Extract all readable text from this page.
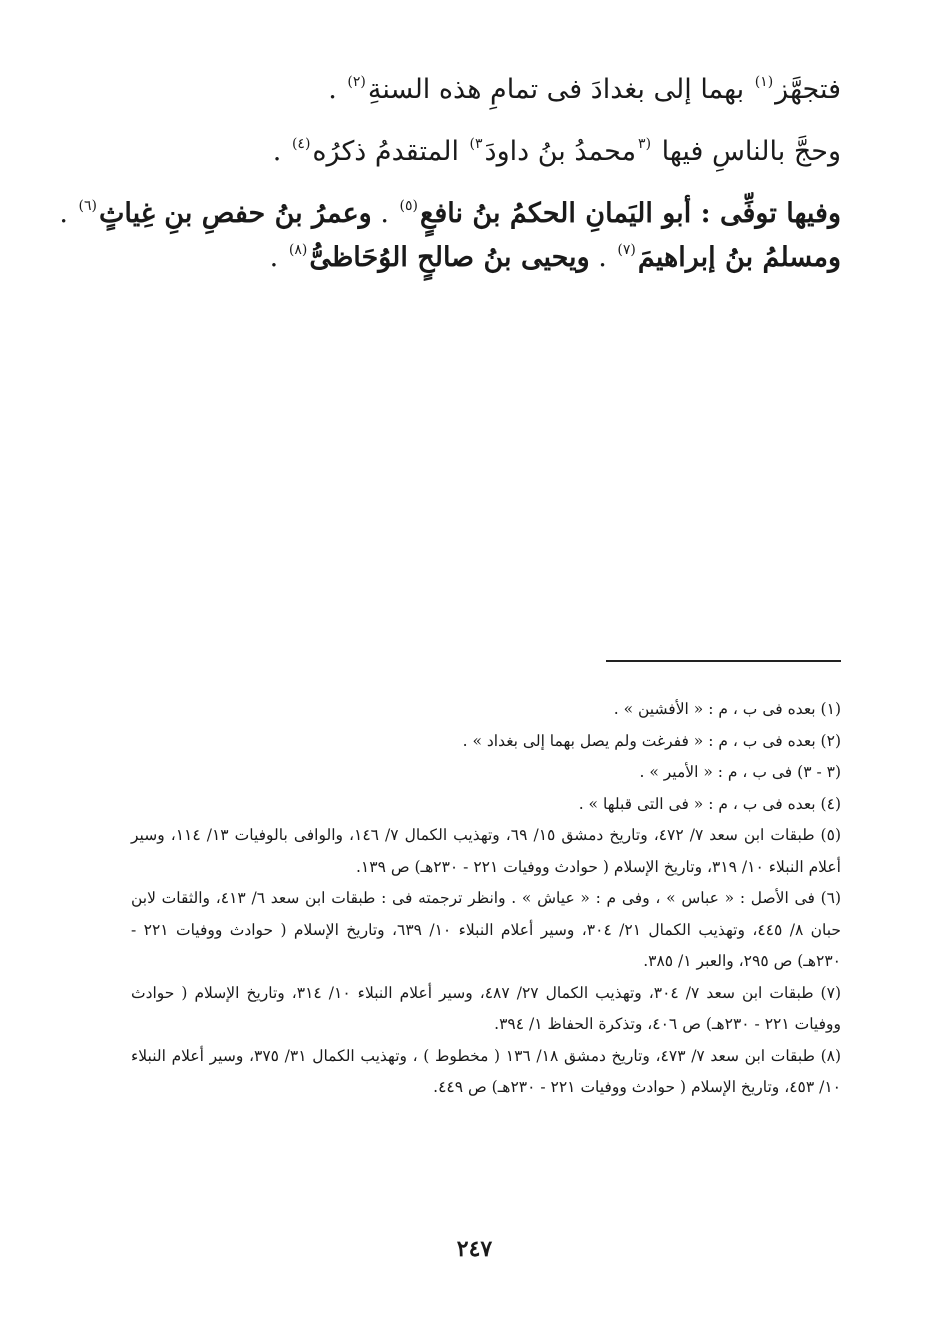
فتجهَّز$^{(١)}$ بهما إلى بغدادَ فى تمامِ هذه السنةِ$^{(٢)}$ .

وحجَّ بالناسِ فيها $^{(٣}$محمدُ بنُ داودَ$^{٣)}$ المتقدمُ ذكرُه$^{(٤)}$ .

وفيها توفِّى : أبو اليَمانِ الحكمُ بنُ نافعٍ$^{(٥)}$ . وعمرُ بنُ حفصِ بنِ غِياثٍ$^{(٦)}$ .

ومسلمُ بنُ إبراهيمَ$^{(٧)}$ . ويحيى بنُ صالحٍ الوُحَاظىُّ$^{(٨)}$ .

(١) بعده فى ب ، م : « الأفشين » .

(٢) بعده فى ب ، م : « ففرغت ولم يصل بهما إلى بغداد » .

(٣ - ٣) فى ب ، م : « الأمير » .

(٤) بعده فى ب ، م : « فى التى قبلها » .

(٥) طبقات ابن سعد ٧/ ٤٧٢، وتاريخ دمشق ١٥/ ٦٩، وتهذيب الكمال ٧/ ١٤٦، والوافى بالوفيات ١٣/ ١١٤، وسير أعلام النبلاء ١٠/ ٣١٩، وتاريخ الإسلام ( حوادث ووفيات ٢٢١ - ٢٣٠هـ) ص ١٣٩.

(٦) فى الأصل : « عباس » ، وفى م : « عياش » . وانظر ترجمته فى : طبقات ابن سعد ٦/ ٤١٣، والثقات لابن حبان ٨/ ٤٤٥، وتهذيب الكمال ٢١/ ٣٠٤، وسير أعلام النبلاء ١٠/ ٦٣٩، وتاريخ الإسلام ( حوادث ووفيات ٢٢١ - ٢٣٠هـ) ص ٢٩٥، والعبر ١/ ٣٨٥.

(٧) طبقات ابن سعد ٧/ ٣٠٤، وتهذيب الكمال ٢٧/ ٤٨٧، وسير أعلام النبلاء ١٠/ ٣١٤، وتاريخ الإسلام ( حوادث ووفيات ٢٢١ - ٢٣٠هـ) ص ٤٠٦، وتذكرة الحفاظ ١/ ٣٩٤.

(٨) طبقات ابن سعد ٧/ ٤٧٣، وتاريخ دمشق ١٨/ ١٣٦ ( مخطوط ) ، وتهذيب الكمال ٣١/ ٣٧٥، وسير أعلام النبلاء ١٠/ ٤٥٣، وتاريخ الإسلام ( حوادث ووفيات ٢٢١ - ٢٣٠هـ) ص ٤٤٩.

٢٤٧
